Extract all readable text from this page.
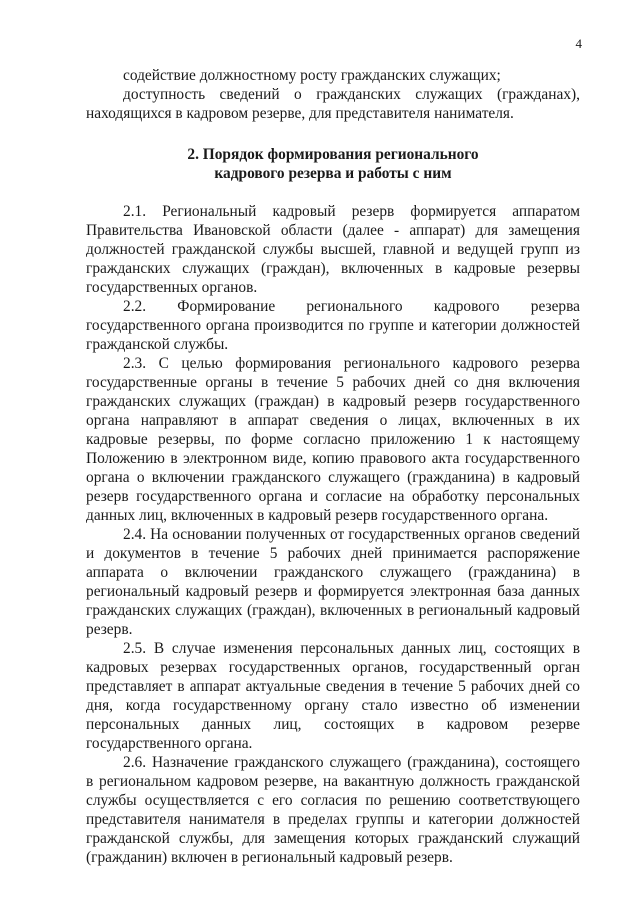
4

содействие должностному росту гражданских служащих;

доступность сведений о гражданских служащих (гражданах), находящихся в кадровом резерве, для представителя нанимателя.

2. Порядок формирования регионального
кадрового резерва и работы с ним

2.1. Региональный кадровый резерв формируется аппаратом Правительства Ивановской области (далее - аппарат) для замещения должностей гражданской службы высшей, главной и ведущей групп из гражданских служащих (граждан), включенных в кадровые резервы государственных органов.

2.2. Формирование регионального кадрового резерва государственного органа производится по группе и категории должностей гражданской службы.

2.3. С целью формирования регионального кадрового резерва государственные органы в течение 5 рабочих дней со дня включения гражданских служащих (граждан) в кадровый резерв государственного органа направляют в аппарат сведения о лицах, включенных в их кадровые резервы, по форме согласно приложению 1 к настоящему Положению в электронном виде, копию правового акта государственного органа о включении гражданского служащего (гражданина) в кадровый резерв государственного органа и согласие на обработку персональных данных лиц, включенных в кадровый резерв государственного органа.

2.4. На основании полученных от государственных органов сведений и документов в течение 5 рабочих дней принимается распоряжение аппарата о включении гражданского служащего (гражданина) в региональный кадровый резерв и формируется электронная база данных гражданских служащих (граждан), включенных в региональный кадровый резерв.

2.5. В случае изменения персональных данных лиц, состоящих в кадровых резервах государственных органов, государственный орган представляет в аппарат актуальные сведения в течение 5 рабочих дней со дня, когда государственному органу стало известно об изменении персональных данных лиц, состоящих в кадровом резерве государственного органа.

2.6. Назначение гражданского служащего (гражданина), состоящего в региональном кадровом резерве, на вакантную должность гражданской службы осуществляется с его согласия по решению соответствующего представителя нанимателя в пределах группы и категории должностей гражданской службы, для замещения которых гражданский служащий (гражданин) включен в региональный кадровый резерв.
